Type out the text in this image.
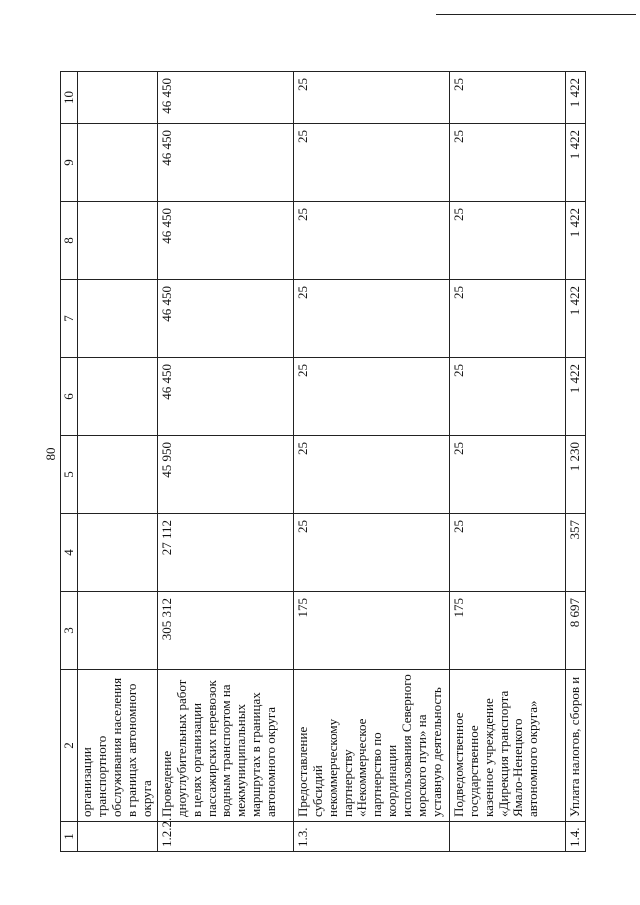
80
1	2	3	4	5	6	7	8	9	10
	организации транспортного обслуживания населения в границах автономного округа								
1.2.2.	Проведение дноуглубительных работ в целях организации пассажирских перевозок водным транспортом на межмуниципальных маршрутах в границах автономного округа	305 312	27 112	45 950	46 450	46 450	46 450	46 450	46 450
1.3.	Предоставление субсидий некоммерческому партнерству «Некоммерческое партнерство по координации использования Северного морского пути» на уставную деятельность	175	25	25	25	25	25	25	25
	Подведомственное государственное казенное учреждение «Дирекция транспорта Ямало-Ненецкого автономного округа»	175	25	25	25	25	25	25	25
1.4.	Уплата налогов, сборов и	8 697	357	1 230	1 422	1 422	1 422	1 422	1 422
